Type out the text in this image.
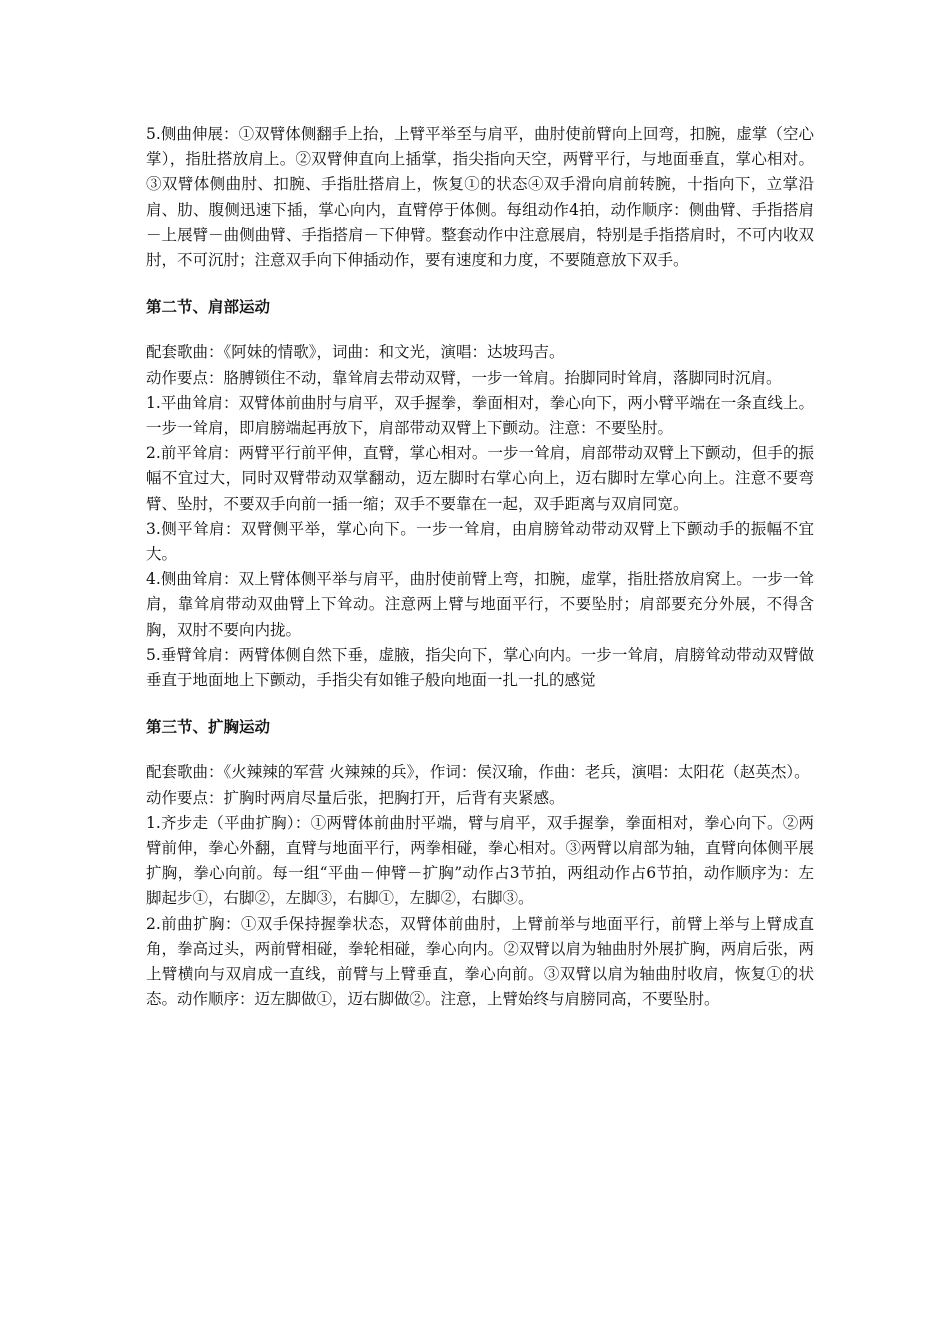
5.侧曲伸展：①双臂体侧翻手上抬，上臂平举至与肩平，曲肘使前臂向上回弯，扣腕，虚掌（空心掌），指肚搭放肩上。②双臂伸直向上插掌，指尖指向天空，两臂平行，与地面垂直，掌心相对。③双臂体侧曲肘、扣腕、手指肚搭肩上，恢复①的状态④双手滑向肩前转腕，十指向下，立掌沿肩、肋、腹侧迅速下插，掌心向内，直臂停于体侧。每组动作4拍，动作顺序：侧曲臂、手指搭肩－上展臂－曲侧曲臂、手指搭肩－下伸臂。整套动作中注意展肩，特别是手指搭肩时，不可内收双肘，不可沉肘；注意双手向下伸插动作，要有速度和力度，不要随意放下双手。

第二节、肩部运动

配套歌曲：《阿妹的情歌》，词曲：和文光，演唱：达坡玛吉。

动作要点：胳膊锁住不动，靠耸肩去带动双臂，一步一耸肩。抬脚同时耸肩，落脚同时沉肩。

1.平曲耸肩：双臂体前曲肘与肩平，双手握拳，拳面相对，拳心向下，两小臂平端在一条直线上。一步一耸肩，即肩膀端起再放下，肩部带动双臂上下颤动。注意：不要坠肘。

2.前平耸肩：两臂平行前平伸，直臂，掌心相对。一步一耸肩，肩部带动双臂上下颤动，但手的振幅不宜过大，同时双臂带动双掌翻动，迈左脚时右掌心向上，迈右脚时左掌心向上。注意不要弯臂、坠肘，不要双手向前一插一缩；双手不要靠在一起，双手距离与双肩同宽。

3.侧平耸肩：双臂侧平举，掌心向下。一步一耸肩，由肩膀耸动带动双臂上下颤动手的振幅不宜大。

4.侧曲耸肩：双上臂体侧平举与肩平，曲肘使前臂上弯，扣腕，虚掌，指肚搭放肩窝上。一步一耸肩，靠耸肩带动双曲臂上下耸动。注意两上臂与地面平行，不要坠肘；肩部要充分外展，不得含胸，双肘不要向内拢。

5.垂臂耸肩：两臂体侧自然下垂，虚腋，指尖向下，掌心向内。一步一耸肩，肩膀耸动带动双臂做垂直于地面地上下颤动，手指尖有如锥子般向地面一扎一扎的感觉

第三节、扩胸运动

配套歌曲：《火辣辣的军营 火辣辣的兵》，作词：侯汉瑜，作曲：老兵，演唱：太阳花（赵英杰）。

动作要点：扩胸时两肩尽量后张，把胸打开，后背有夹紧感。

1.齐步走（平曲扩胸）：①两臂体前曲肘平端，臂与肩平，双手握拳，拳面相对，拳心向下。②两臂前伸，拳心外翻，直臂与地面平行，两拳相碰，拳心相对。③两臂以肩部为轴，直臂向体侧平展扩胸，拳心向前。每一组“平曲－伸臂－扩胸”动作占3节拍，两组动作占6节拍，动作顺序为：左脚起步①，右脚②，左脚③，右脚①，左脚②，右脚③。

2.前曲扩胸：①双手保持握拳状态，双臂体前曲肘，上臂前举与地面平行，前臂上举与上臂成直角，拳高过头，两前臂相碰，拳轮相碰，拳心向内。②双臂以肩为轴曲肘外展扩胸，两肩后张，两上臂横向与双肩成一直线，前臂与上臂垂直，拳心向前。③双臂以肩为轴曲肘收肩，恢复①的状态。动作顺序：迈左脚做①，迈右脚做②。注意，上臂始终与肩膀同高，不要坠肘。
